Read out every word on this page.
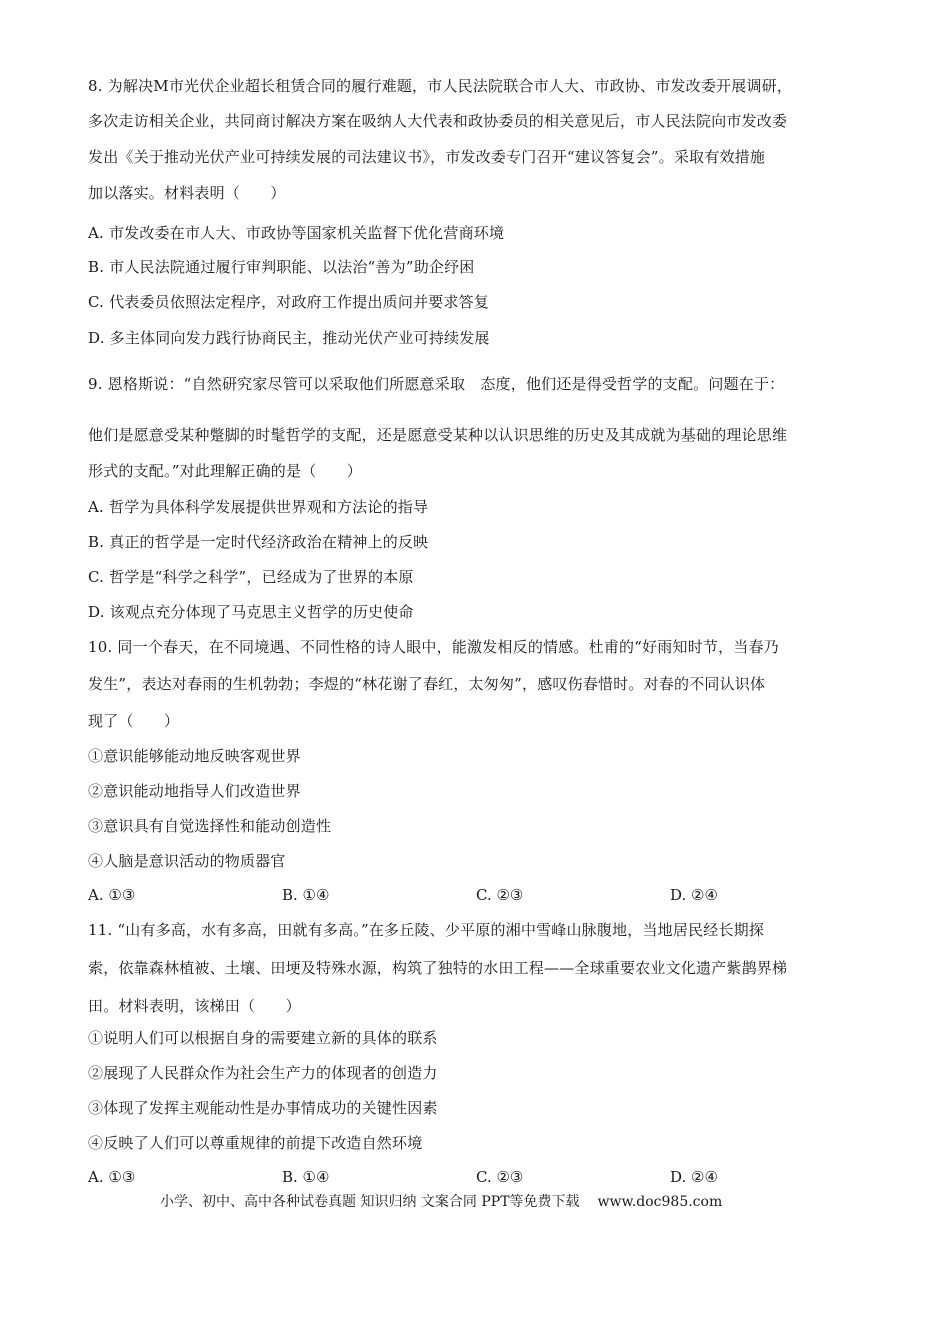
8. 为解决M市光伏企业超长租赁合同的履行难题，市人民法院联合市人大、市政协、市发改委开展调研，
多次走访相关企业，共同商讨解决方案在吸纳人大代表和政协委员的相关意见后，市人民法院向市发改委
发出《关于推动光伏产业可持续发展的司法建议书》，市发改委专门召开“建议答复会”。采取有效措施
加以落实。材料表明（　　）
A. 市发改委在市人大、市政协等国家机关监督下优化营商环境
B. 市人民法院通过履行审判职能、以法治“善为”助企纾困
C. 代表委员依照法定程序，对政府工作提出质问并要求答复
D. 多主体同向发力践行协商民主，推动光伏产业可持续发展
9. 恩格斯说：“自然研究家尽管可以采取他们所愿意采取　态度，他们还是得受哲学的支配。问题在于：
他们是愿意受某种蹩脚的时髦哲学的支配，还是愿意受某种以认识思维的历史及其成就为基础的理论思维
形式的支配。”对此理解正确的是（　　）
A. 哲学为具体科学发展提供世界观和方法论的指导
B. 真正的哲学是一定时代经济政治在精神上的反映
C. 哲学是“科学之科学”，已经成为了世界的本原
D. 该观点充分体现了马克思主义哲学的历史使命
10. 同一个春天，在不同境遇、不同性格的诗人眼中，能激发相反的情感。杜甫的“好雨知时节，当春乃
发生”，表达对春雨的生机勃勃；李煜的“林花谢了春红，太匆匆”，感叹伤春惜时。对春的不同认识体
现了（　　）
①意识能够能动地反映客观世界
②意识能动地指导人们改造世界
③意识具有自觉选择性和能动创造性
④人脑是意识活动的物质器官
A. ①③	B. ①④	C. ②③	D. ②④
11. “山有多高，水有多高，田就有多高。”在多丘陵、少平原的湘中雪峰山脉腹地，当地居民经长期探
索，依靠森林植被、土壤、田埂及特殊水源，构筑了独特的水田工程——全球重要农业文化遗产紫鹊界梯
田。材料表明，该梯田（　　）
①说明人们可以根据自身的需要建立新的具体的联系
②展现了人民群众作为社会生产力的体现者的创造力
③体现了发挥主观能动性是办事情成功的关键性因素
④反映了人们可以尊重规律的前提下改造自然环境
A. ①③	B. ①④	C. ②③	D. ②④
小学、初中、高中各种试卷真题 知识归纳 文案合同 PPT等免费下载 www.doc985.com
